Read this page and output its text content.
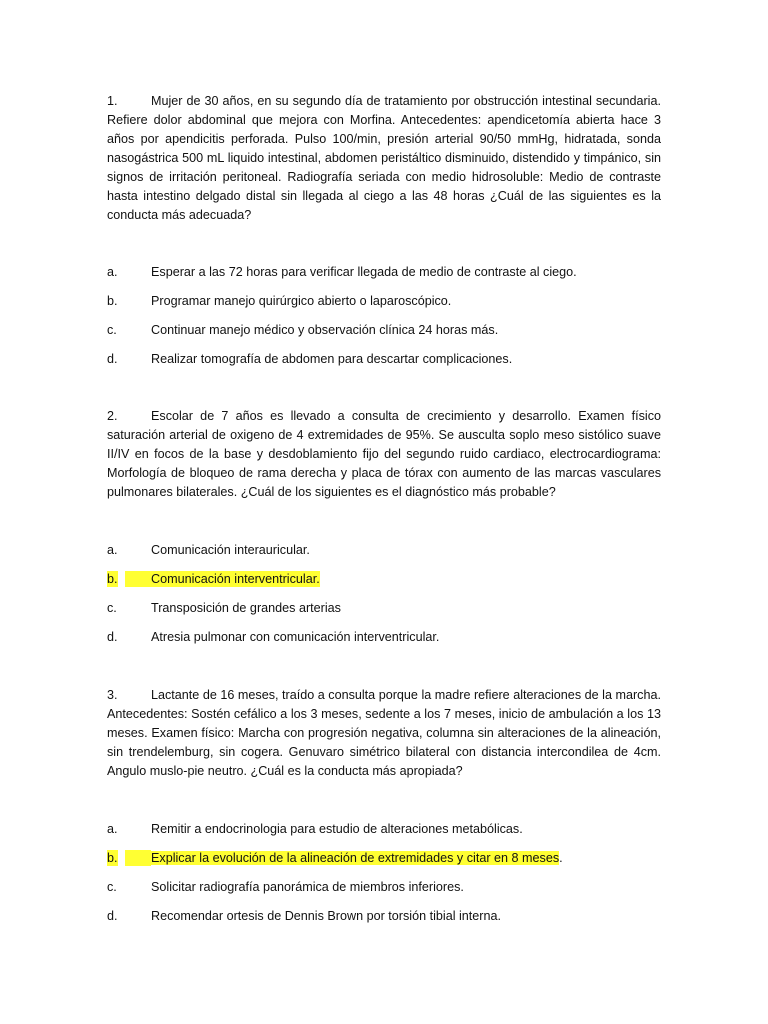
1.	Mujer de 30 años, en su segundo día de tratamiento por obstrucción intestinal secundaria. Refiere dolor abdominal que mejora con Morfina. Antecedentes: apendicetomía abierta hace 3 años por apendicitis perforada. Pulso 100/min, presión arterial 90/50 mmHg, hidratada, sonda nasogástrica 500 mL liquido intestinal, abdomen peristáltico disminuido, distendido y timpánico, sin signos de irritación peritoneal. Radiografía seriada con medio hidrosoluble: Medio de contraste hasta intestino delgado distal sin llegada al ciego a las 48 horas ¿Cuál de las siguientes es la conducta más adecuada?

a.	Esperar a las 72 horas para verificar llegada de medio de contraste al ciego.
b.	Programar manejo quirúrgico abierto o laparoscópico.
c.	Continuar manejo médico y observación clínica 24 horas más.
d.	Realizar tomografía de abdomen para descartar complicaciones.

2.	Escolar de 7 años es llevado a consulta de crecimiento y desarrollo. Examen físico saturación arterial de oxigeno de 4 extremidades de 95%. Se ausculta soplo meso sistólico suave II/IV en focos de la base y desdoblamiento fijo del segundo ruido cardiaco, electrocardiograma: Morfología de bloqueo de rama derecha y placa de tórax con aumento de las marcas vasculares pulmonares bilaterales. ¿Cuál de los siguientes es el diagnóstico más probable?

a.	Comunicación interauricular.
b.	Comunicación interventricular.
c.	Transposición de grandes arterias
d.	Atresia pulmonar con comunicación interventricular.

3.	Lactante de 16 meses, traído a consulta porque la madre refiere alteraciones de la marcha. Antecedentes: Sostén cefálico a los 3 meses, sedente a los 7 meses, inicio de ambulación a los 13 meses. Examen físico: Marcha con progresión negativa, columna sin alteraciones de la alineación, sin trendelemburg, sin cogera. Genuvaro simétrico bilateral con distancia intercondilea de 4cm. Angulo muslo-pie neutro. ¿Cuál es la conducta más apropiada?

a.	Remitir a endocrinologia para estudio de alteraciones metabólicas.
b.	Explicar la evolución de la alineación de extremidades y citar en 8 meses.
c.	Solicitar radiografía panorámica de miembros inferiores.
d.	Recomendar ortesis de Dennis Brown por torsión tibial interna.
